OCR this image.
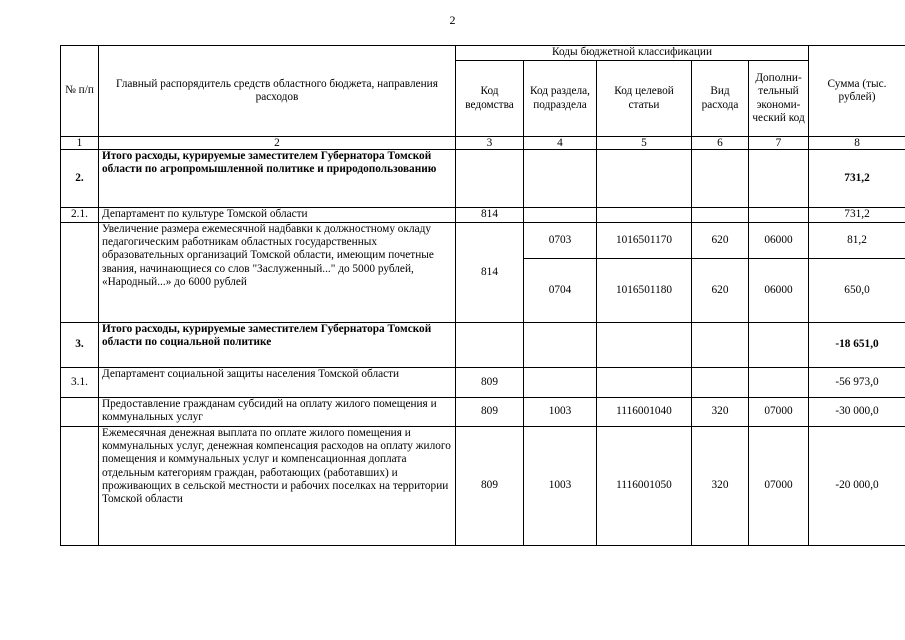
2
№ п/п	Главный распорядитель средств областного бюджета, направления расходов	Коды бюджетной классификации					Сумма (тыс. рублей)
		Код ведомства	Код раздела, подраздела	Код целевой статьи	Вид расхода	Дополни-тельный экономи-ческий код	
1	2	3	4	5	6	7	8
2.	Итого расходы, курируемые заместителем Губернатора Томской области по агропромышленной политике и природопользованию						731,2
2.1.	Департамент по культуре Томской области	814					731,2
	Увеличение размера ежемесячной надбавки к должностному окладу педагогическим работникам областных государственных образовательных организаций Томской области, имеющим почетные звания, начинающиеся со слов "Заслуженный..." до 5000 рублей, «Народный...» до 6000 рублей	814	0703	1016501170	620	06000	81,2
			0704	1016501180	620	06000	650,0
3.	Итого расходы, курируемые заместителем Губернатора Томской области по социальной политике						-18 651,0
3.1.	Департамент социальной защиты населения Томской области	809					-56 973,0
	Предоставление гражданам субсидий на оплату жилого помещения и коммунальных услуг	809	1003	1116001040	320	07000	-30 000,0
	Ежемесячная денежная выплата по оплате жилого помещения и коммунальных услуг, денежная компенсация расходов на оплату жилого помещения и коммунальных услуг и компенсационная доплата отдельным категориям граждан, работающих (работавших) и проживающих в сельской местности и рабочих поселках на территории Томской области	809	1003	1116001050	320	07000	-20 000,0
